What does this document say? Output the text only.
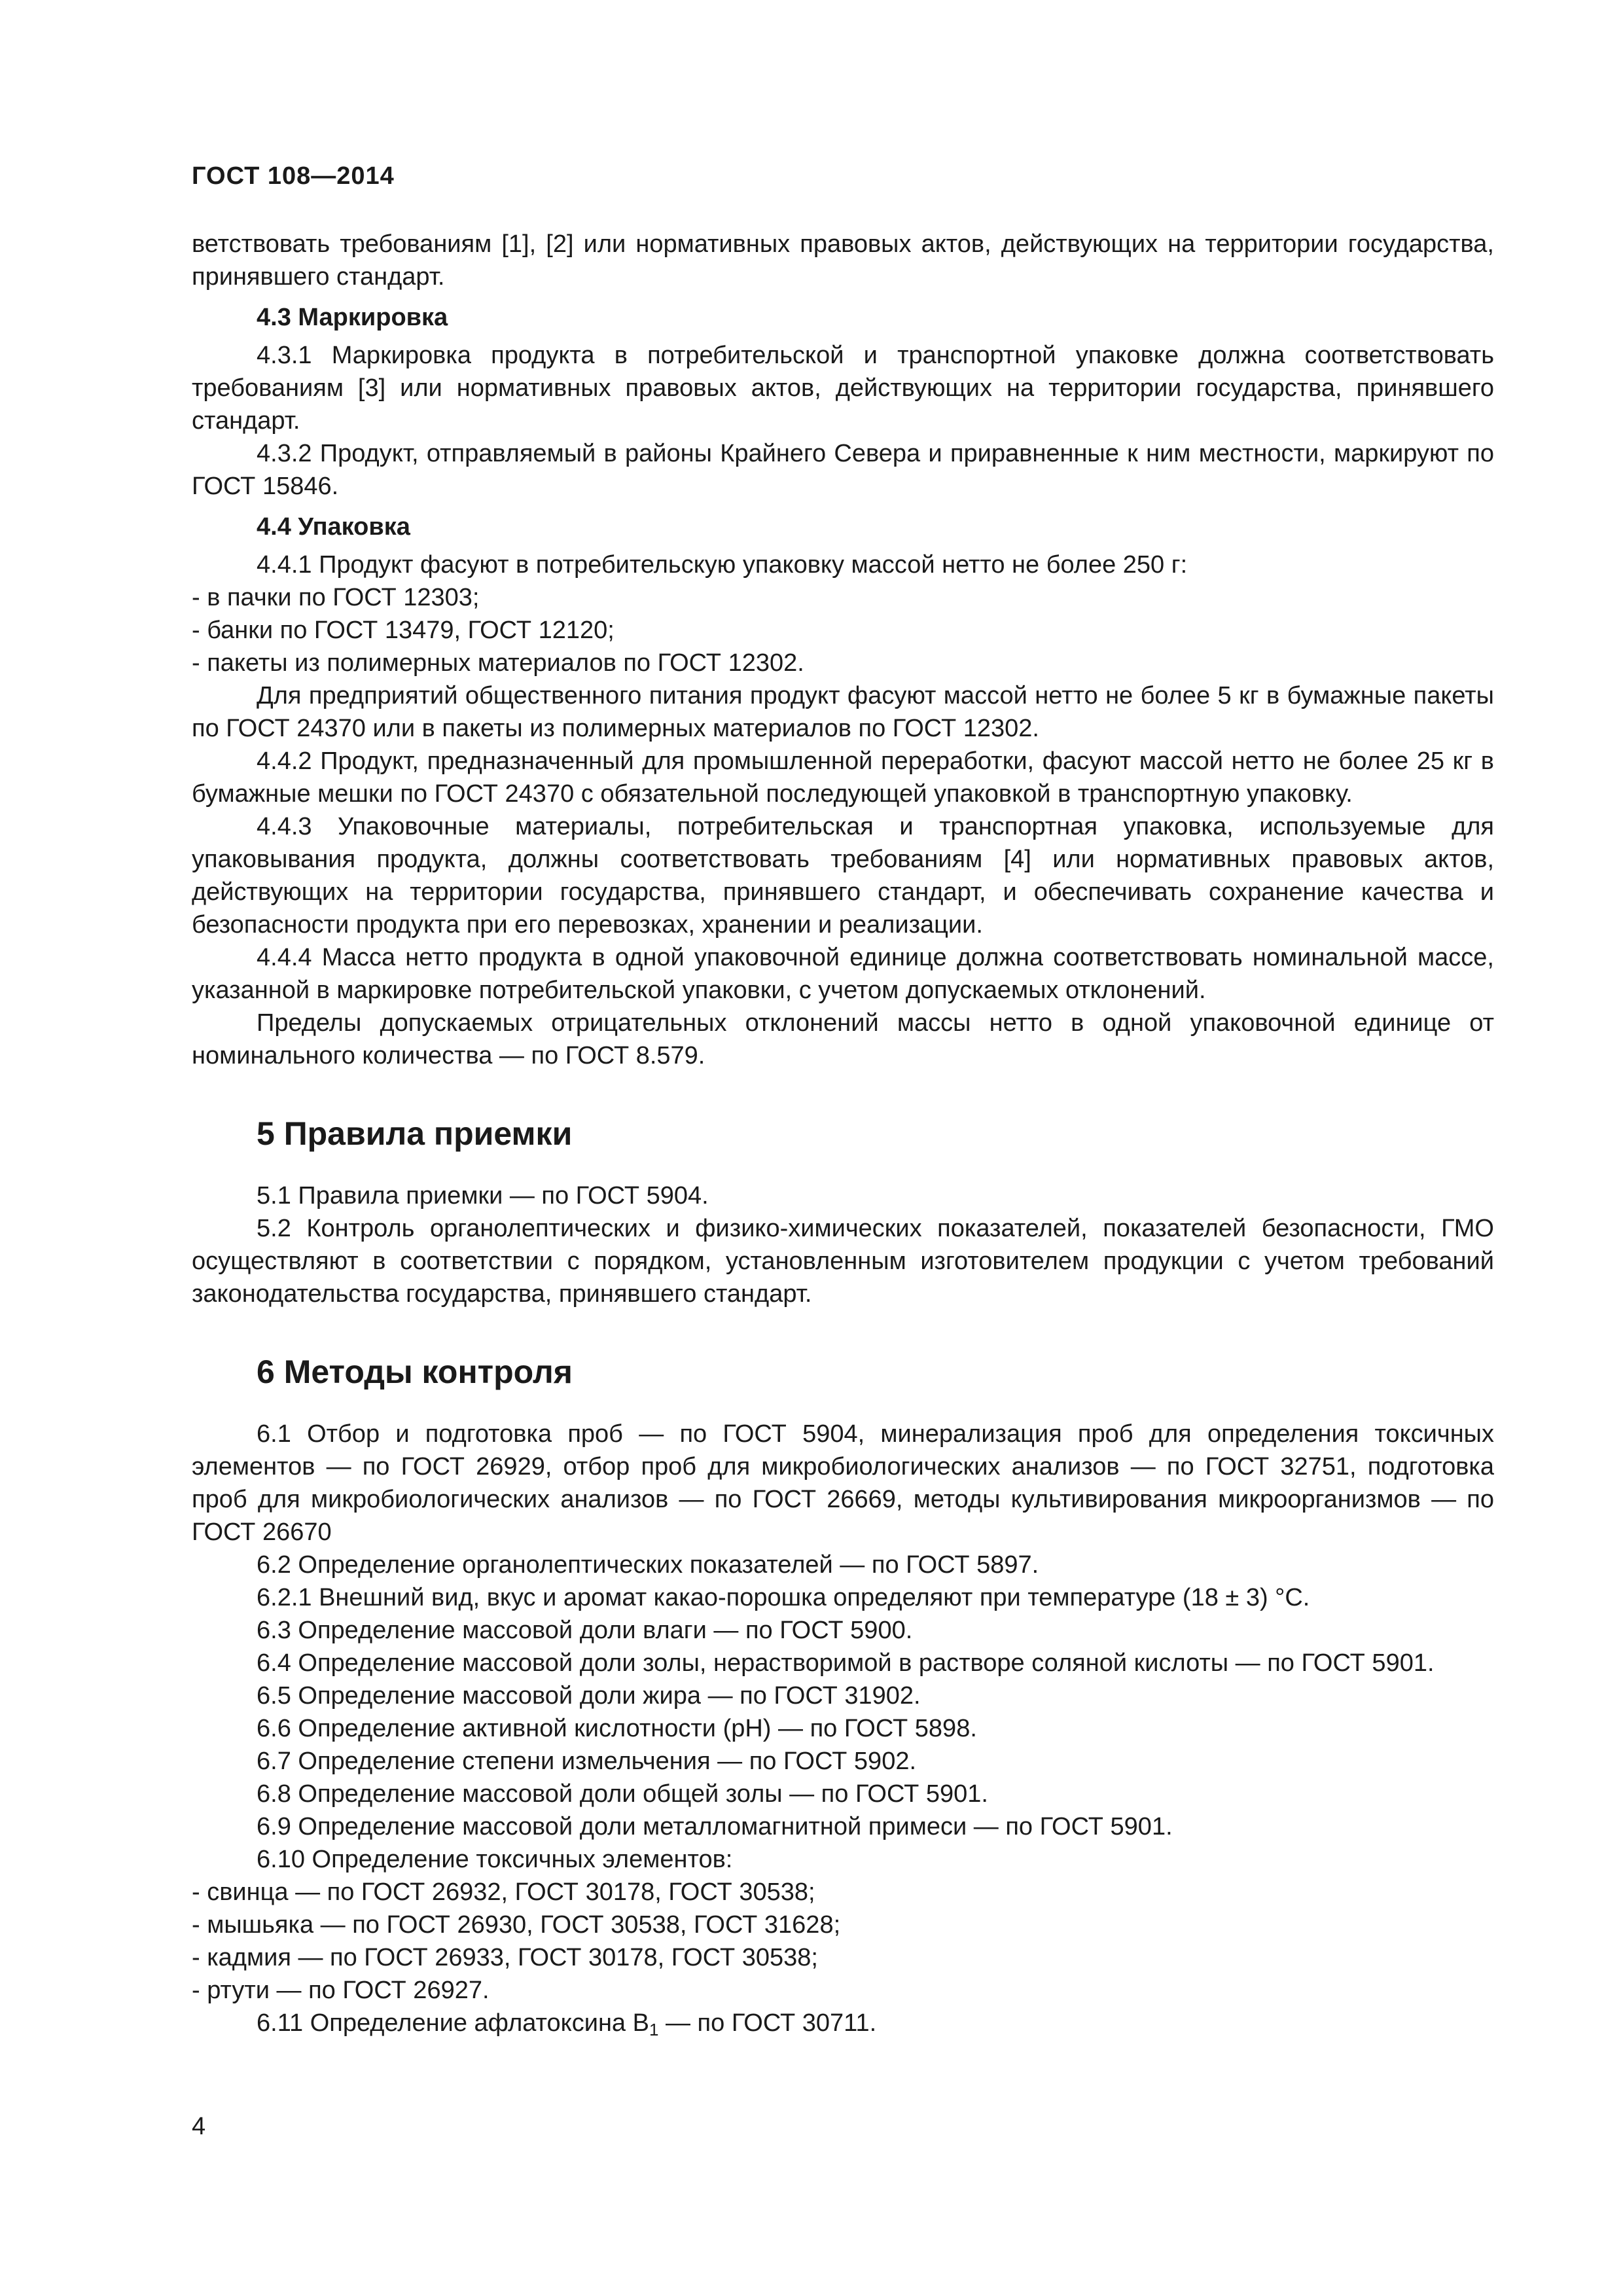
ГОСТ 108—2014

ветствовать требованиям [1], [2] или нормативных правовых актов, действующих на территории государства, принявшего стандарт.

4.3 Маркировка

4.3.1 Маркировка продукта в потребительской и транспортной упаковке должна соответствовать требованиям [3] или нормативных правовых актов, действующих на территории государства, принявшего стандарт.

4.3.2 Продукт, отправляемый в районы Крайнего Севера и приравненные к ним местности, маркируют по ГОСТ 15846.

4.4 Упаковка

4.4.1 Продукт фасуют в потребительскую упаковку массой нетто не более 250 г:

- в пачки по ГОСТ 12303;

- банки по ГОСТ 13479, ГОСТ 12120;

- пакеты из полимерных материалов по ГОСТ 12302.

Для предприятий общественного питания продукт фасуют массой нетто не более 5 кг в бумажные пакеты по ГОСТ 24370 или в пакеты из полимерных материалов по ГОСТ 12302.

4.4.2 Продукт, предназначенный для промышленной переработки, фасуют массой нетто не более 25 кг в бумажные мешки по ГОСТ 24370 с обязательной последующей упаковкой в транспортную упаковку.

4.4.3 Упаковочные материалы, потребительская и транспортная упаковка, используемые для упаковывания продукта, должны соответствовать требованиям [4] или нормативных правовых актов, действующих на территории государства, принявшего стандарт, и обеспечивать сохранение качества и безопасности продукта при его перевозках, хранении и реализации.

4.4.4 Масса нетто продукта в одной упаковочной единице должна соответствовать номинальной массе, указанной в маркировке потребительской упаковки, с учетом допускаемых отклонений.

Пределы допускаемых отрицательных отклонений массы нетто в одной упаковочной единице от номинального количества — по ГОСТ 8.579.

5 Правила приемки

5.1 Правила приемки — по ГОСТ 5904.

5.2 Контроль органолептических и физико-химических показателей, показателей безопасности, ГМО осуществляют в соответствии с порядком, установленным изготовителем продукции с учетом требований законодательства государства, принявшего стандарт.

6 Методы контроля

6.1 Отбор и подготовка проб — по ГОСТ 5904, минерализация проб для определения токсичных элементов — по ГОСТ 26929, отбор проб для микробиологических анализов — по ГОСТ 32751, подготовка проб для микробиологических анализов — по ГОСТ 26669, методы культивирования микроорганизмов — по ГОСТ 26670

6.2 Определение органолептических показателей — по ГОСТ 5897.

6.2.1 Внешний вид, вкус и аромат какао-порошка определяют при температуре (18 ± 3) °С.

6.3 Определение массовой доли влаги — по ГОСТ 5900.

6.4 Определение массовой доли золы, нерастворимой в растворе соляной кислоты — по ГОСТ 5901.

6.5 Определение массовой доли жира — по ГОСТ 31902.

6.6 Определение активной кислотности (рН) — по ГОСТ 5898.

6.7 Определение степени измельчения — по ГОСТ 5902.

6.8 Определение массовой доли общей золы — по ГОСТ 5901.

6.9 Определение массовой доли металломагнитной примеси — по ГОСТ 5901.

6.10 Определение токсичных элементов:

- свинца — по ГОСТ 26932, ГОСТ 30178, ГОСТ 30538;

- мышьяка — по ГОСТ 26930, ГОСТ 30538, ГОСТ 31628;

- кадмия — по ГОСТ 26933, ГОСТ 30178, ГОСТ 30538;

- ртути — по ГОСТ 26927.

6.11 Определение афлатоксина $B_1$ — по ГОСТ 30711.

4
